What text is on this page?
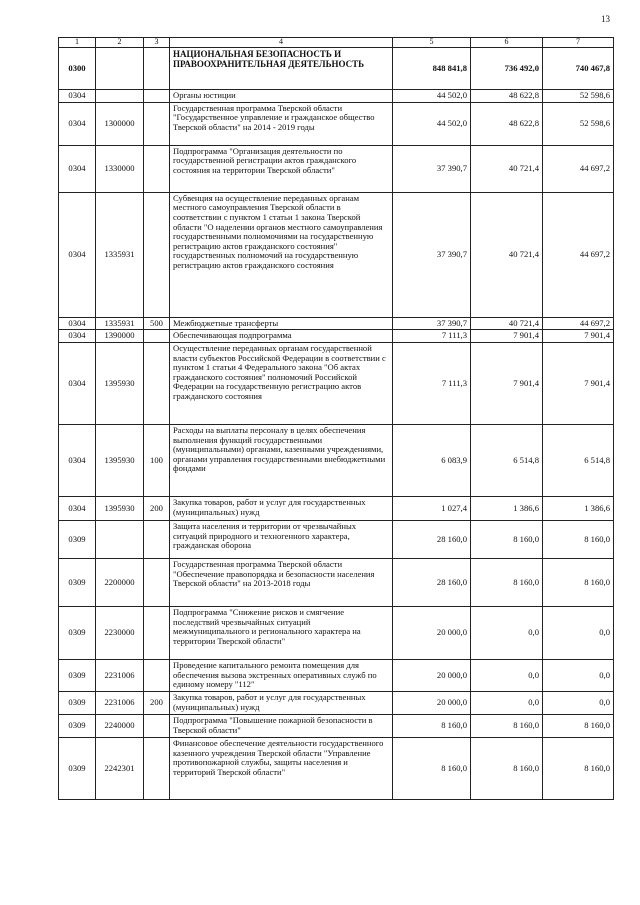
13
1	2	3	4	5	6	7
0300			НАЦИОНАЛЬНАЯ БЕЗОПАСНОСТЬ И ПРАВООХРАНИТЕЛЬНАЯ ДЕЯТЕЛЬНОСТЬ	848 841,8	736 492,0	740 467,8
0304			Органы юстиции	44 502,0	48 622,8	52 598,6
0304	1300000		Государственная программа Тверской области "Государственное управление и гражданское общество Тверской области" на 2014 - 2019 годы	44 502,0	48 622,8	52 598,6
0304	1330000		Подпрограмма "Организация деятельности по государственной регистрации актов гражданского состояния на территории Тверской области"	37 390,7	40 721,4	44 697,2
0304	1335931		Субвенция на осуществление переданных органам местного самоуправления Тверской области в соответствии с пунктом 1 статьи 1 закона Тверской области "О наделении органов местного самоуправления государственными полномочиями на государственную регистрацию актов гражданского состояния" государственных полномочий на государственную регистрацию актов гражданского состояния	37 390,7	40 721,4	44 697,2
0304	1335931	500	Межбюджетные трансферты	37 390,7	40 721,4	44 697,2
0304	1390000		Обеспечивающая подпрограмма	7 111,3	7 901,4	7 901,4
0304	1395930		Осуществление переданных органам государственной власти субъектов Российской Федерации в соответствии с пунктом 1 статьи 4 Федерального закона "Об актах гражданского состояния" полномочий Российской Федерации на государственную регистрацию актов гражданского состояния	7 111,3	7 901,4	7 901,4
0304	1395930	100	Расходы на выплаты персоналу в целях обеспечения выполнения функций государственными (муниципальными) органами, казенными учреждениями, органами управления государственными внебюджетными фондами	6 083,9	6 514,8	6 514,8
0304	1395930	200	Закупка товаров, работ и услуг для государственных (муниципальных) нужд	1 027,4	1 386,6	1 386,6
0309			Защита населения и территории от чрезвычайных ситуаций природного и техногенного характера, гражданская оборона	28 160,0	8 160,0	8 160,0
0309	2200000		Государственная программа Тверской области "Обеспечение правопорядка и безопасности населения Тверской области" на 2013-2018 годы	28 160,0	8 160,0	8 160,0
0309	2230000		Подпрограмма "Снижение рисков и смягчение последствий чрезвычайных ситуаций межмуниципального и регионального характера на территории Тверской области"	20 000,0	0,0	0,0
0309	2231006		Проведение капитального ремонта помещения для обеспечения вызова экстренных оперативных служб по единому номеру "112"	20 000,0	0,0	0,0
0309	2231006	200	Закупка товаров, работ и услуг для государственных (муниципальных) нужд	20 000,0	0,0	0,0
0309	2240000		Подпрограмма "Повышение пожарной безопасности в Тверской области"	8 160,0	8 160,0	8 160,0
0309	2242301		Финансовое обеспечение деятельности государственного казенного учреждения Тверской области "Управление противопожарной службы, защиты населения и территорий Тверской области"	8 160,0	8 160,0	8 160,0
